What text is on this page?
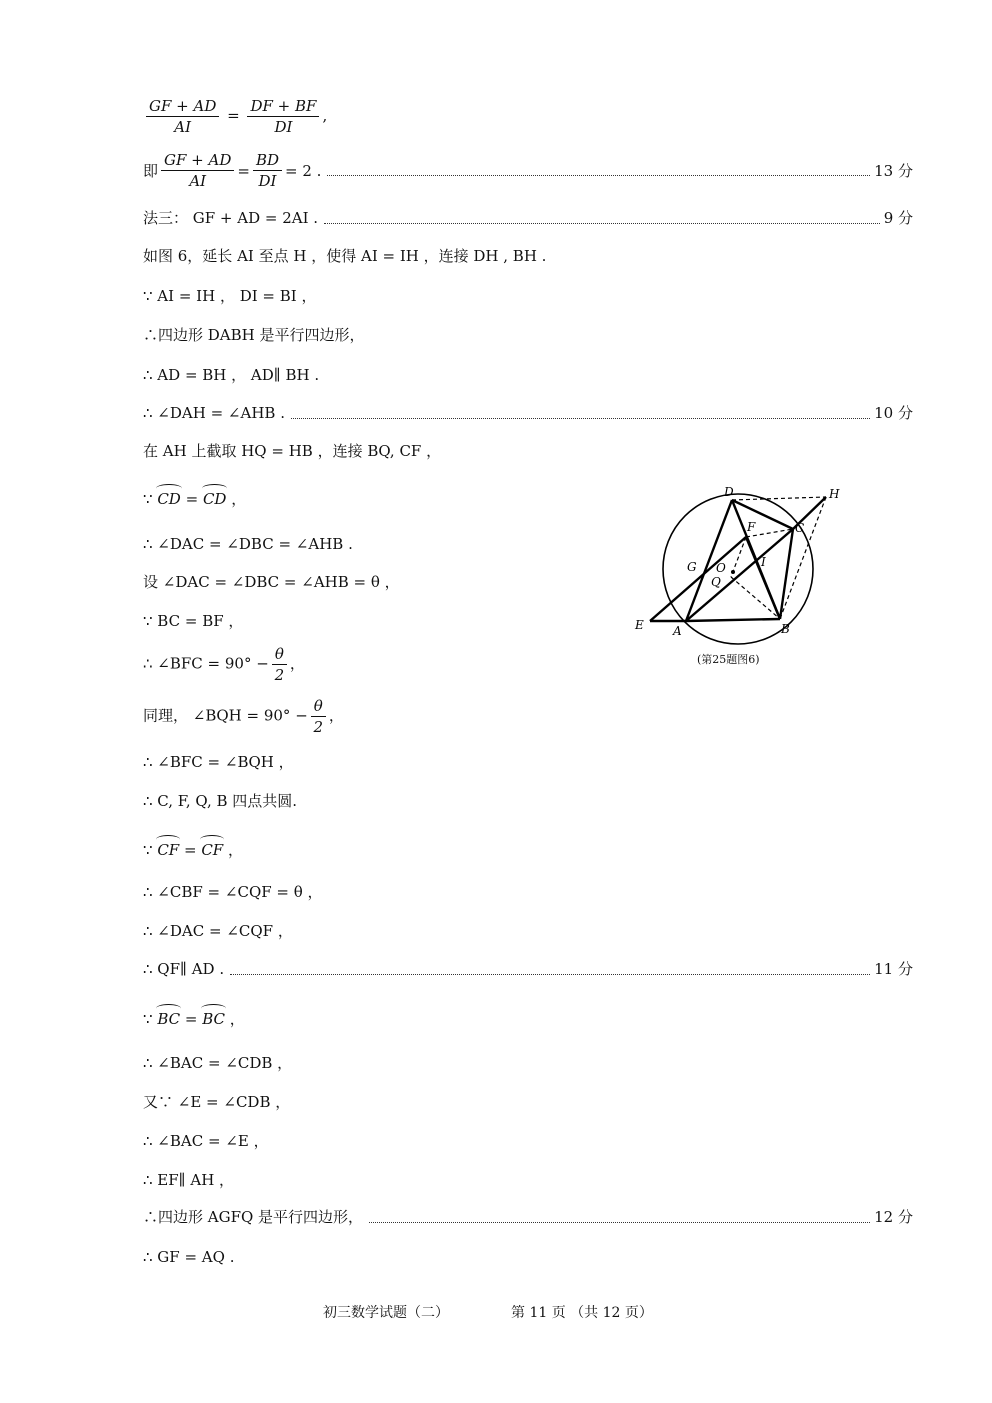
$\frac{GF + AD}{AI} = \frac{DF + BF}{DI}$ ,
即 $\frac{GF + AD}{AI} = \frac{BD}{DI} = 2$ .	13 分
法三： GF + AD = 2AI .	9 分
如图 6，延长 AI 至点 H ，使得 AI = IH ，连接 DH , BH .
∵ AI = IH ， DI = BI ，
∴四边形 DABH 是平行四边形，
∴ AD = BH ， AD∥ BH .
∴ ∠DAH = ∠AHB .	10 分
在 AH 上截取 HQ = HB ，连接 BQ, CF ，
∵ CD = CD ，
∴ ∠DAC = ∠DBC = ∠AHB .
设 ∠DAC = ∠DBC = ∠AHB = θ ，
∵ BC = BF ，
∴ ∠BFC = $90^\circ - \frac{\theta}{2}$ ，
同理， ∠BQH = $90^\circ - \frac{\theta}{2}$ ，
∴ ∠BFC = ∠BQH ，
∴ C, F, Q, B 四点共圆.
∵ CF = CF ，
∴ ∠CBF = ∠CQF = θ ，
∴ ∠DAC = ∠CQF ，
∴ QF∥ AD .	11 分
∵ BC = BC ，
∴ ∠BAC = ∠CDB ，
又∵ ∠E = ∠CDB ，
∴ ∠BAC = ∠E ，
∴ EF∥ AH ，
∴四边形 AGFQ 是平行四边形，	12 分
∴ GF = AQ .
D	H
F	C
I
G O
Q
E A	B
(第25题图6)
初三数学试题（二）	第 11 页 （共 12 页）
